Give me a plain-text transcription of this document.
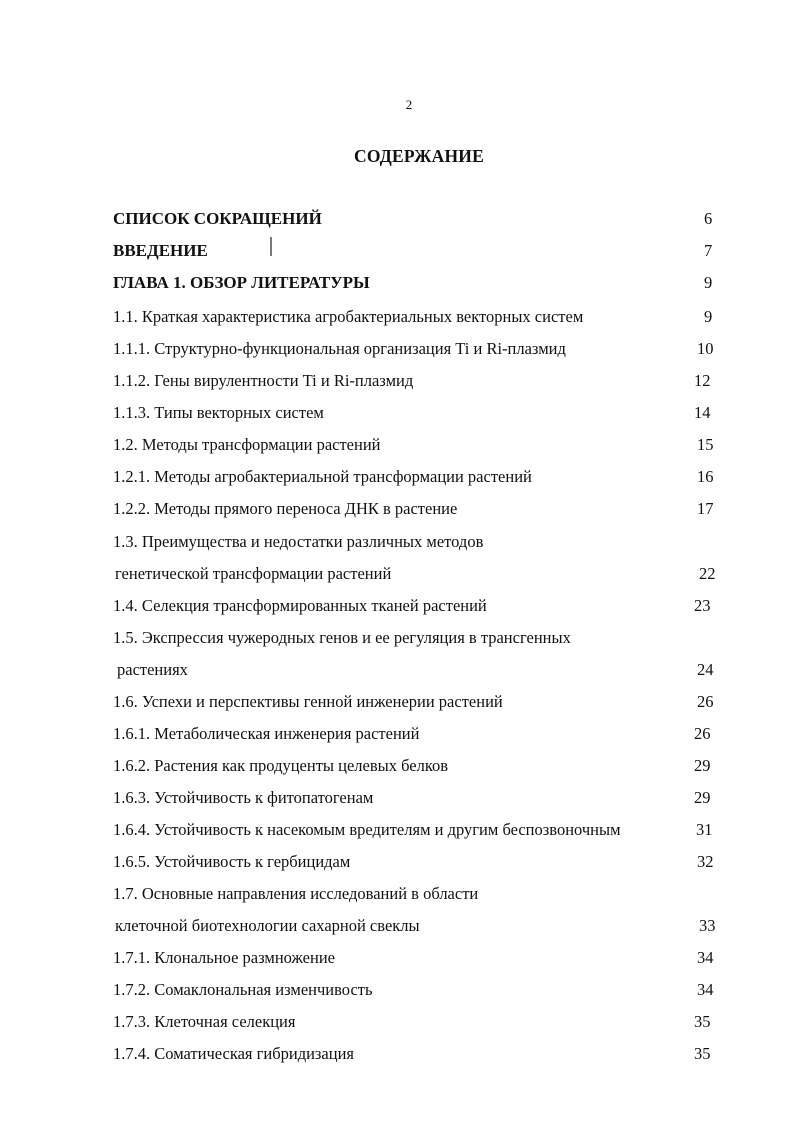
2
СОДЕРЖАНИЕ
СПИСОК СОКРАЩЕНИЙ	6
ВВЕДЕНИЕ	7
ГЛАВА 1. ОБЗОР ЛИТЕРАТУРЫ	9
1.1. Краткая характеристика агробактериальных векторных систем	9
1.1.1. Структурно-функциональная организация Ti и Ri-плазмид	10
1.1.2. Гены вирулентности Ti и Ri-плазмид	12
1.1.3. Типы векторных систем	14
1.2. Методы трансформации растений	15
1.2.1. Методы агробактериальной трансформации растений	16
1.2.2. Методы прямого переноса ДНК в растение	17
1.3. Преимущества и недостатки различных методов
генетической трансформации растений	22
1.4. Селекция трансформированных тканей растений	23
1.5. Экспрессия чужеродных генов и ее регуляция в трансгенных
растениях	24
1.6. Успехи и перспективы генной инженерии растений	26
1.6.1. Метаболическая инженерия растений	26
1.6.2. Растения как продуценты целевых белков	29
1.6.3. Устойчивость к фитопатогенам	29
1.6.4. Устойчивость к насекомым вредителям и другим беспозвоночным	31
1.6.5. Устойчивость к гербицидам	32
1.7. Основные направления исследований в области
клеточной биотехнологии сахарной свеклы	33
1.7.1. Клональное размножение	34
1.7.2. Сомаклональная изменчивость	34
1.7.3. Клеточная селекция	35
1.7.4. Соматическая гибридизация	35
